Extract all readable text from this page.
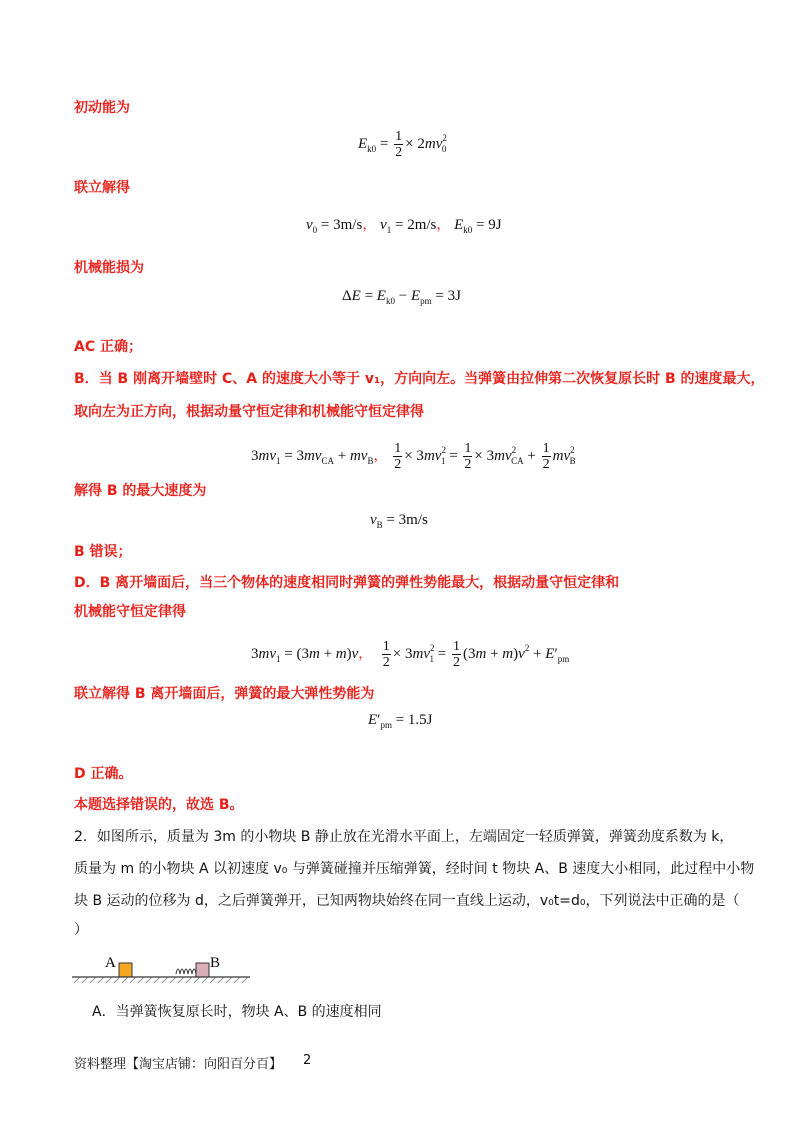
初动能为
$E_{k0} = \frac{1}{2} \times 2mv^2_0$
联立解得
$v_0 = 3m/s$， $v_1 = 2m/s$， $E_{k0} = 9J$
机械能损为
$\Delta E = E_{k0} - E_{pm} = 3J$
AC 正确；
B．当 B 刚离开墙壁时 C、A 的速度大小等于 v₁，方向向左。当弹簧由拉伸第二次恢复原长时 B 的速度最大，
取向左为正方向，根据动量守恒定律和机械能守恒定律得
$3mv_1 = 3mv_{CA} + mv_B$， $\frac{1}{2} \times 3mv^2_1 = \frac{1}{2} \times 3mv^2_{CA} + \frac{1}{2} mv^2_B$
解得 B 的最大速度为
$v_B = 3m/s$
B 错误；
D．B 离开墙面后，当三个物体的速度相同时弹簧的弹性势能最大，根据动量守恒定律和
机械能守恒定律得
$3mv_1 = (3m + m)v$， $\frac{1}{2} \times 3mv^2_1 = \frac{1}{2} (3m + m)v^2 + E'_{pm}$
联立解得 B 离开墙面后，弹簧的最大弹性势能为
$E'_{pm} = 1.5J$
D 正确。
本题选择错误的，故选 B。
2．如图所示，质量为 3m 的小物块 B 静止放在光滑水平面上，左端固定一轻质弹簧，弹簧劲度系数为 k，
质量为 m 的小物块 A 以初速度 v₀ 与弹簧碰撞并压缩弹簧，经时间 t 物块 A、B 速度大小相同，此过程中小物
块 B 运动的位移为 d，之后弹簧弹开，已知两物块始终在同一直线上运动，v₀t=d₀，下列说法中正确的是（
）
A	B
A．当弹簧恢复原长时，物块 A、B 的速度相同
资料整理【淘宝店铺：向阳百分百】 2
